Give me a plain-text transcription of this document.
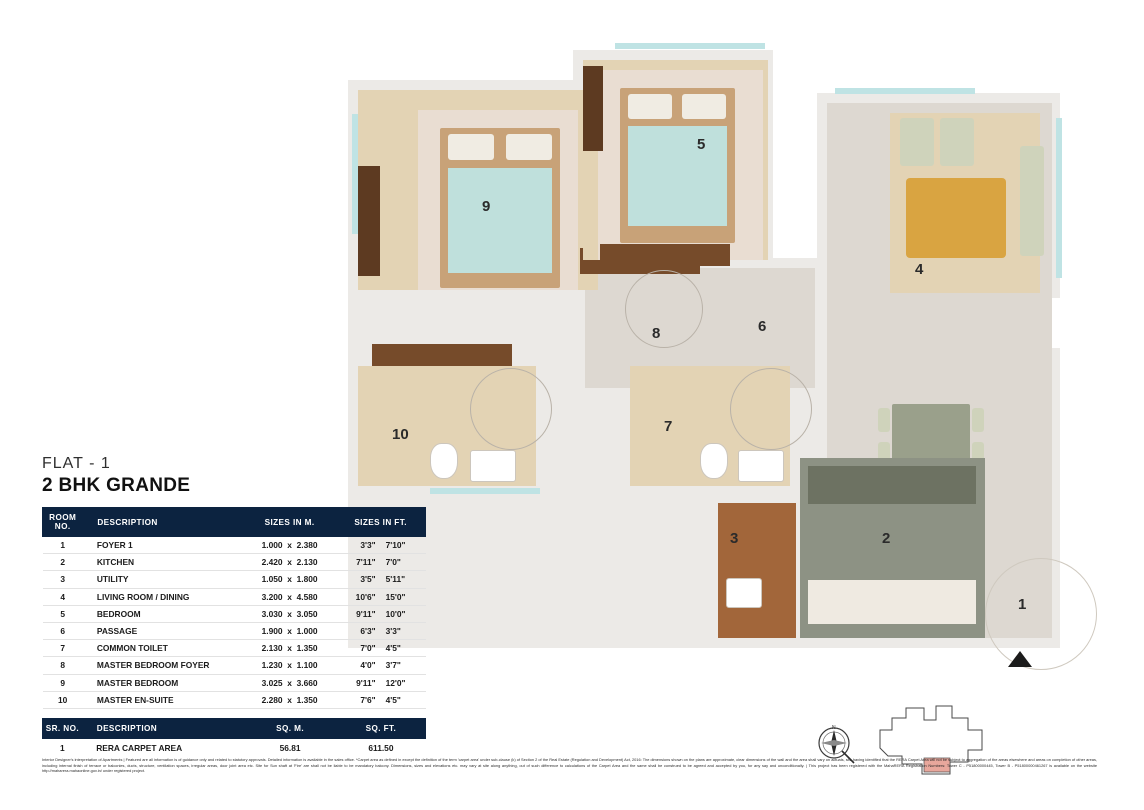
9
5
4
2
3
1
6
8
10	7
FLAT - 1
2 BHK GRANDE
ROOM NO.	DESCRIPTION	SIZES IN M.	SIZES IN FT.
1	FOYER 1	1.000 x 2.380	3'3" 7'10"
2	KITCHEN	2.420 x 2.130	7'11" 7'0"
3	UTILITY	1.050 x 1.800	3'5" 5'11"
4	LIVING ROOM / DINING	3.200 x 4.580	10'6" 15'0"
5	BEDROOM	3.030 x 3.050	9'11" 10'0"
6	PASSAGE	1.900 x 1.000	6'3" 3'3"
7	COMMON TOILET	2.130 x 1.350	7'0" 4'5"
8	MASTER BEDROOM FOYER	1.230 x 1.100	4'0" 3'7"
9	MASTER BEDROOM	3.025 x 3.660	9'11" 12'0"
10	MASTER EN-SUITE	2.280 x 1.350	7'6" 4'5"
SR. NO.	DESCRIPTION	SQ. M.	SQ. FT.
1	RERA CARPET AREA	56.81	611.50
N
Interior Designer's interpretation of Apartments | Featured are all information is of guidance only and related to statutory approvals. Detailed information is available in the sales office. *Carpet area as defined in except the definition of the term 'carpet area' under sub-clause (k) of Section 2 of the Real Estate (Regulation and Development) Act, 2016: The dimensions shown on the plans are approximate, clear dimensions of the wall and the area shall vary on actuals, site having identified that the RERA Carpet Area will not be subject to aggregation of the areas elsewhere and areas on completion of other areas, including internal finish of terrace or balconies, ducts, structure, ventilation spaces, irregular areas, door joint area etc. Site for Sun shaft at 'Fire' are shall not be liable to be mandatory balcony. Dimensions, sizes and elevations etc. may vary at site along anything, out of such difference to calculations of the Carpet Area and the same shall be construed to be agreed and accepted by you, for any say and unconditionally. | This project has been registered with the MahaRERA Registration Numbers: Tower C - P51800000445, Tower B - P51800000461267 is available on the website http://maharera.mahaonline.gov.in/ under registered project.
